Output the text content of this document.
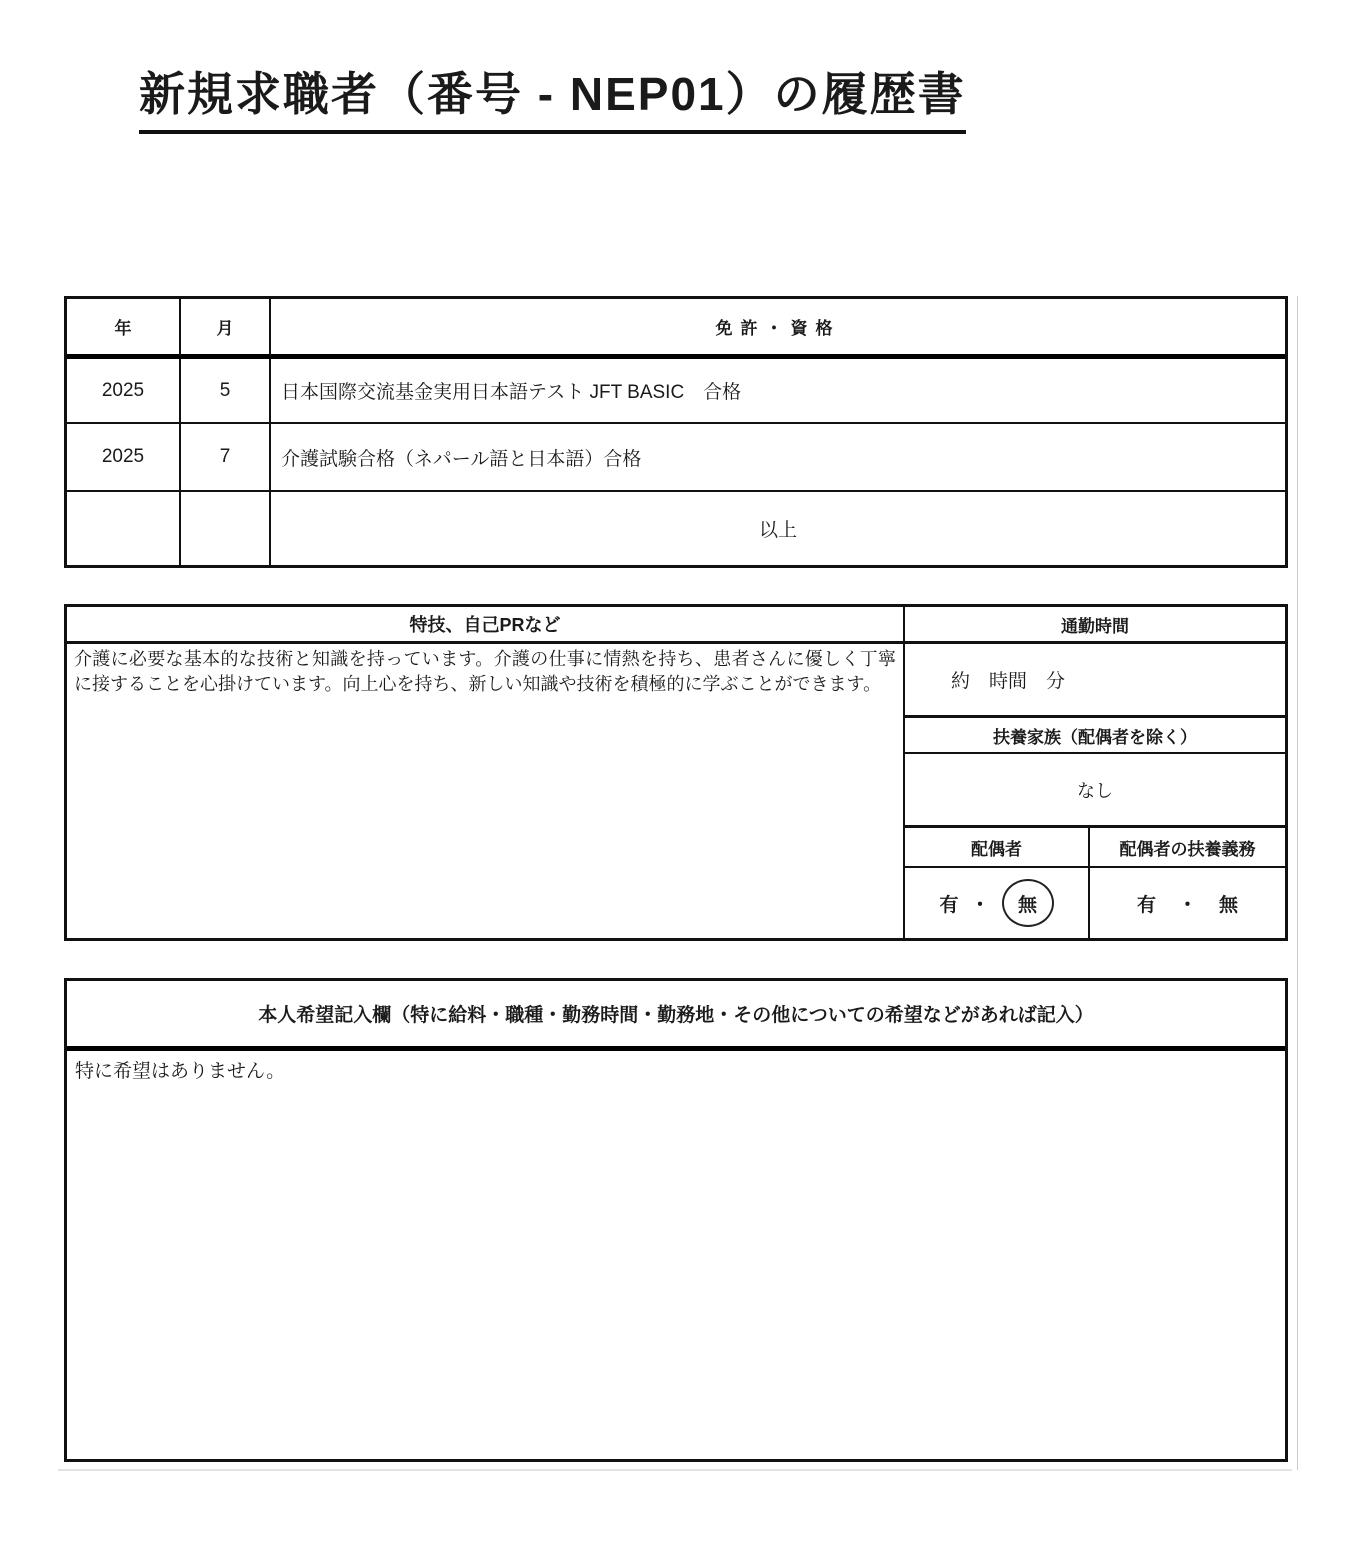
新規求職者（番号 - NEP01）の履歴書
年	月	免許・資格
2025	5	日本国際交流基金実用日本語テスト JFT BASIC　合格
2025	7	介護試験合格（ネパール語と日本語）合格
以上
特技、自己PRなど
介護に必要な基本的な技術と知識を持っています。介護の仕事に情熱を持ち、患者さんに優しく丁寧に接することを心掛けています。向上心を持ち、新しい知識や技術を積極的に学ぶことができます。
通勤時間
約　時間　分
扶養家族（配偶者を除く）
なし
配偶者	配偶者の扶養義務
有 ・ 無	有 ・ 無
本人希望記入欄（特に給料・職種・勤務時間・勤務地・その他についての希望などがあれば記入）
特に希望はありません。
